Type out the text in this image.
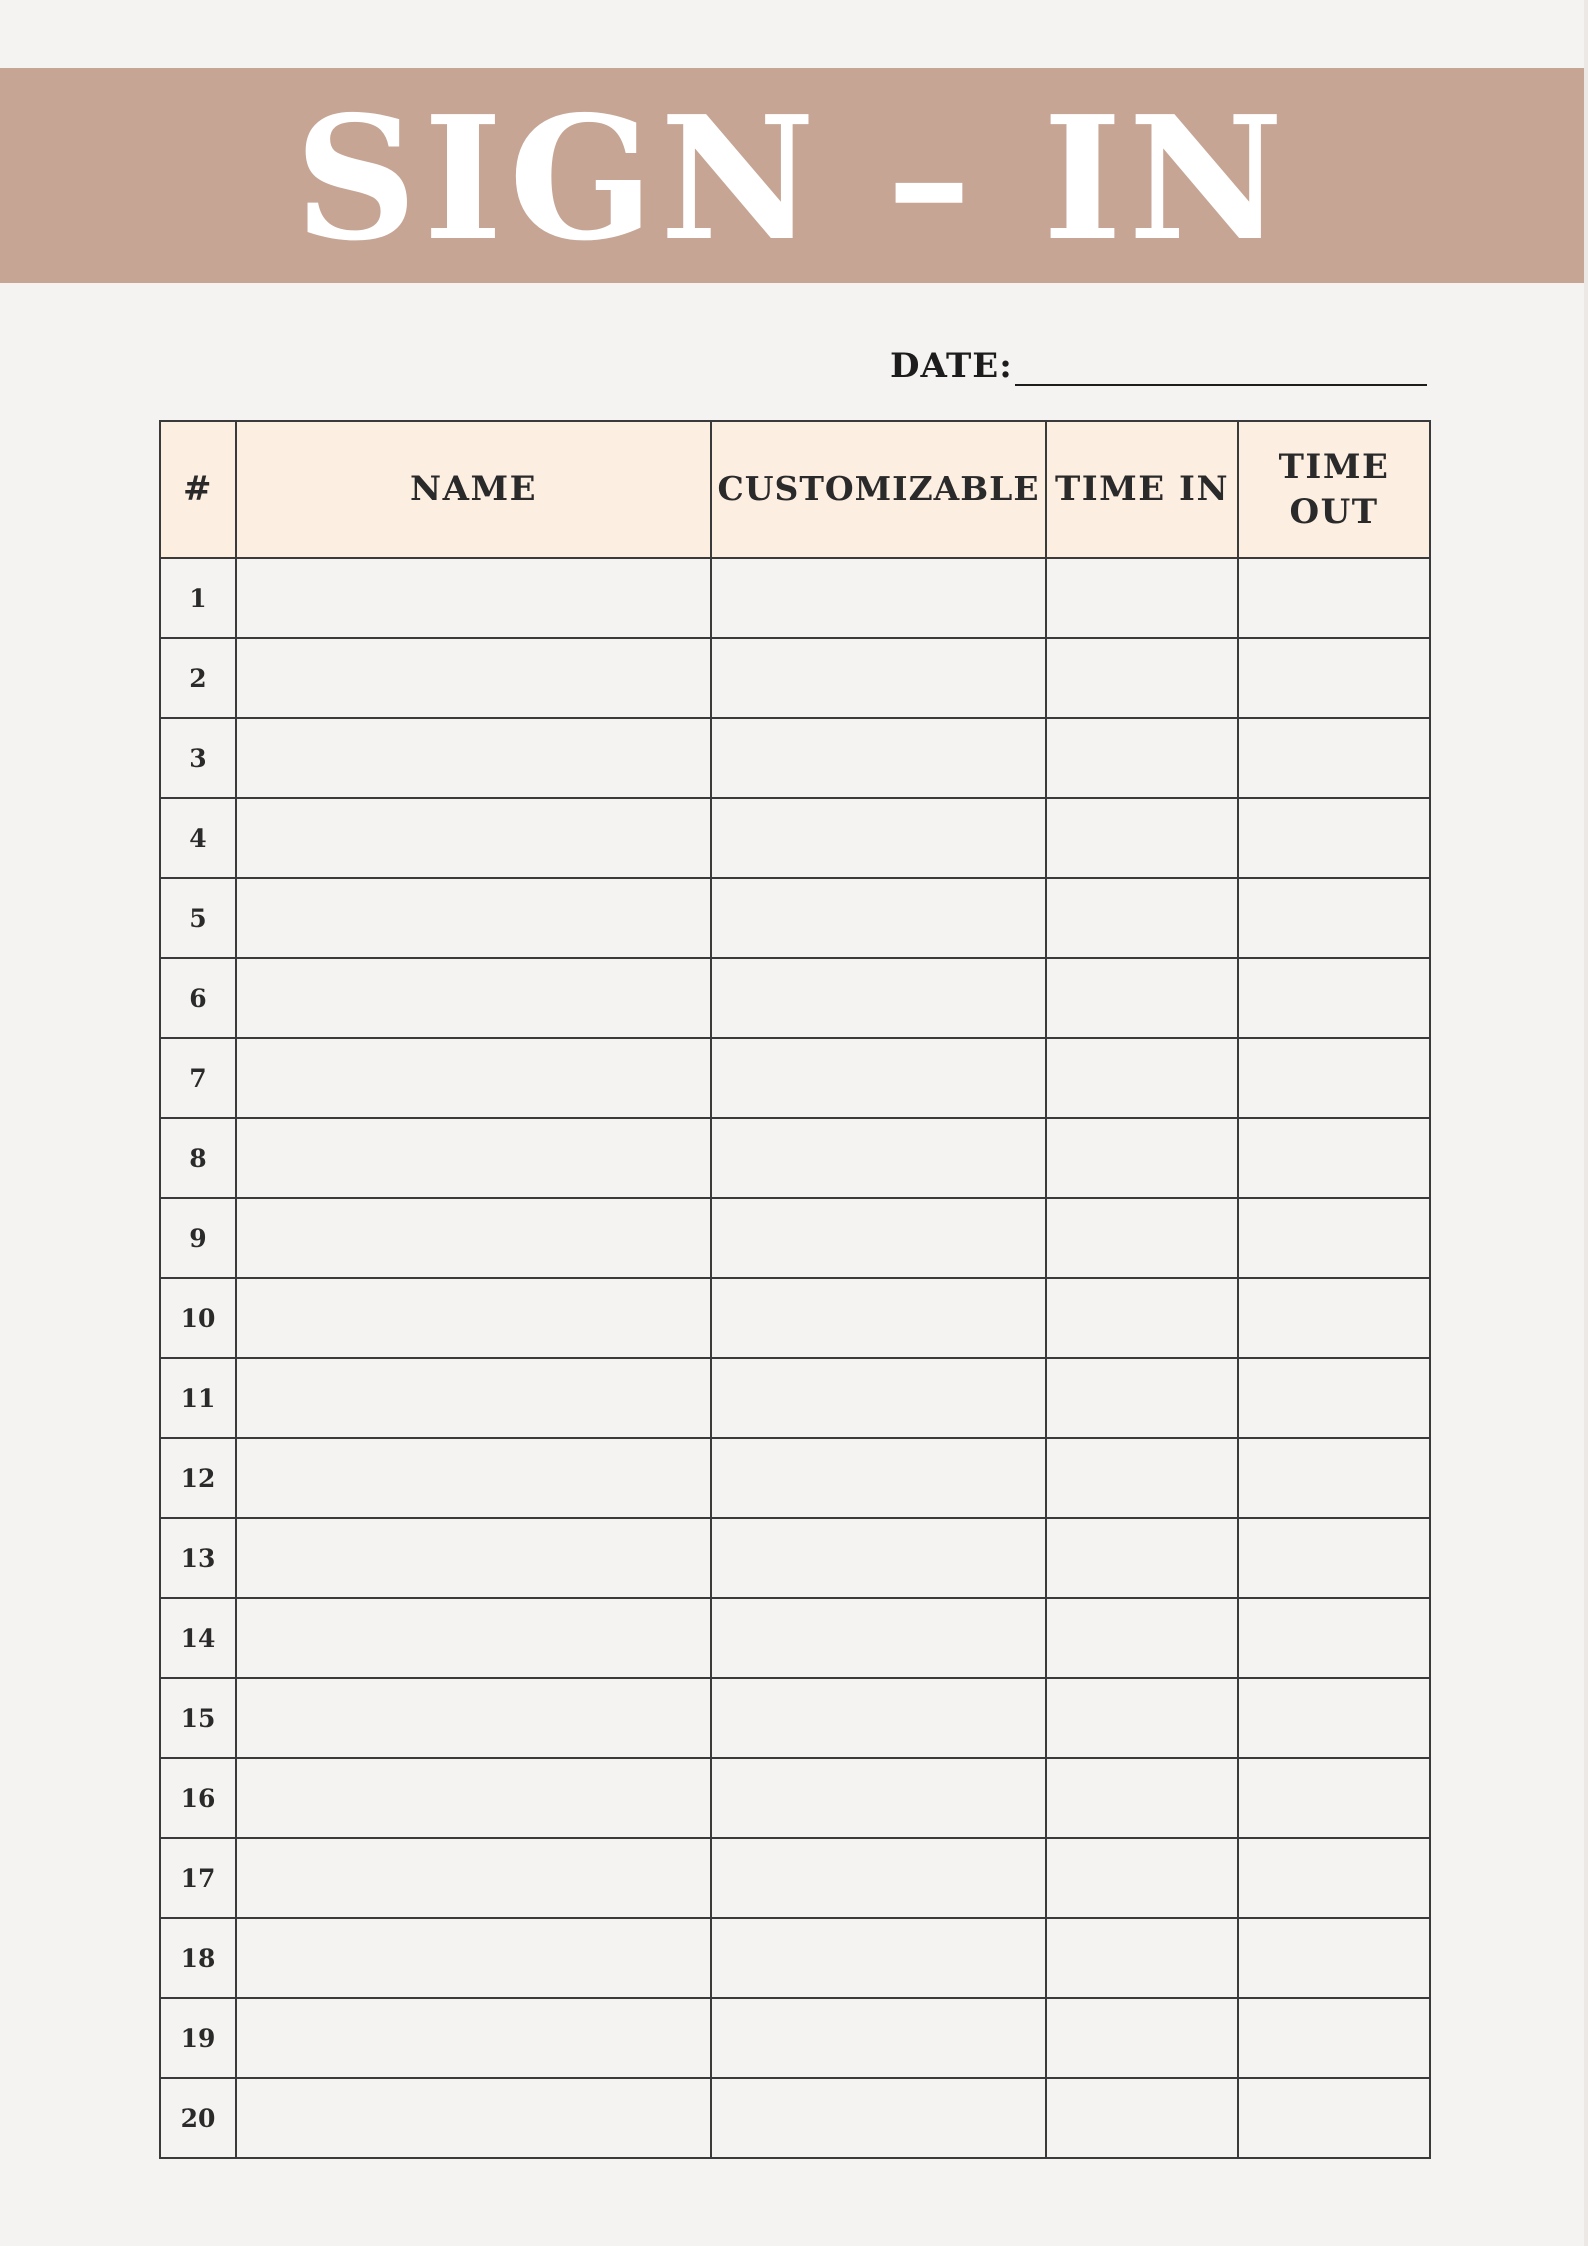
SIGN – IN
DATE:
#	NAME	CUSTOMIZABLE	TIME IN	TIME OUT
1				
2				
3				
4				
5				
6				
7				
8				
9				
10				
11				
12				
13				
14				
15				
16				
17				
18				
19				
20				
